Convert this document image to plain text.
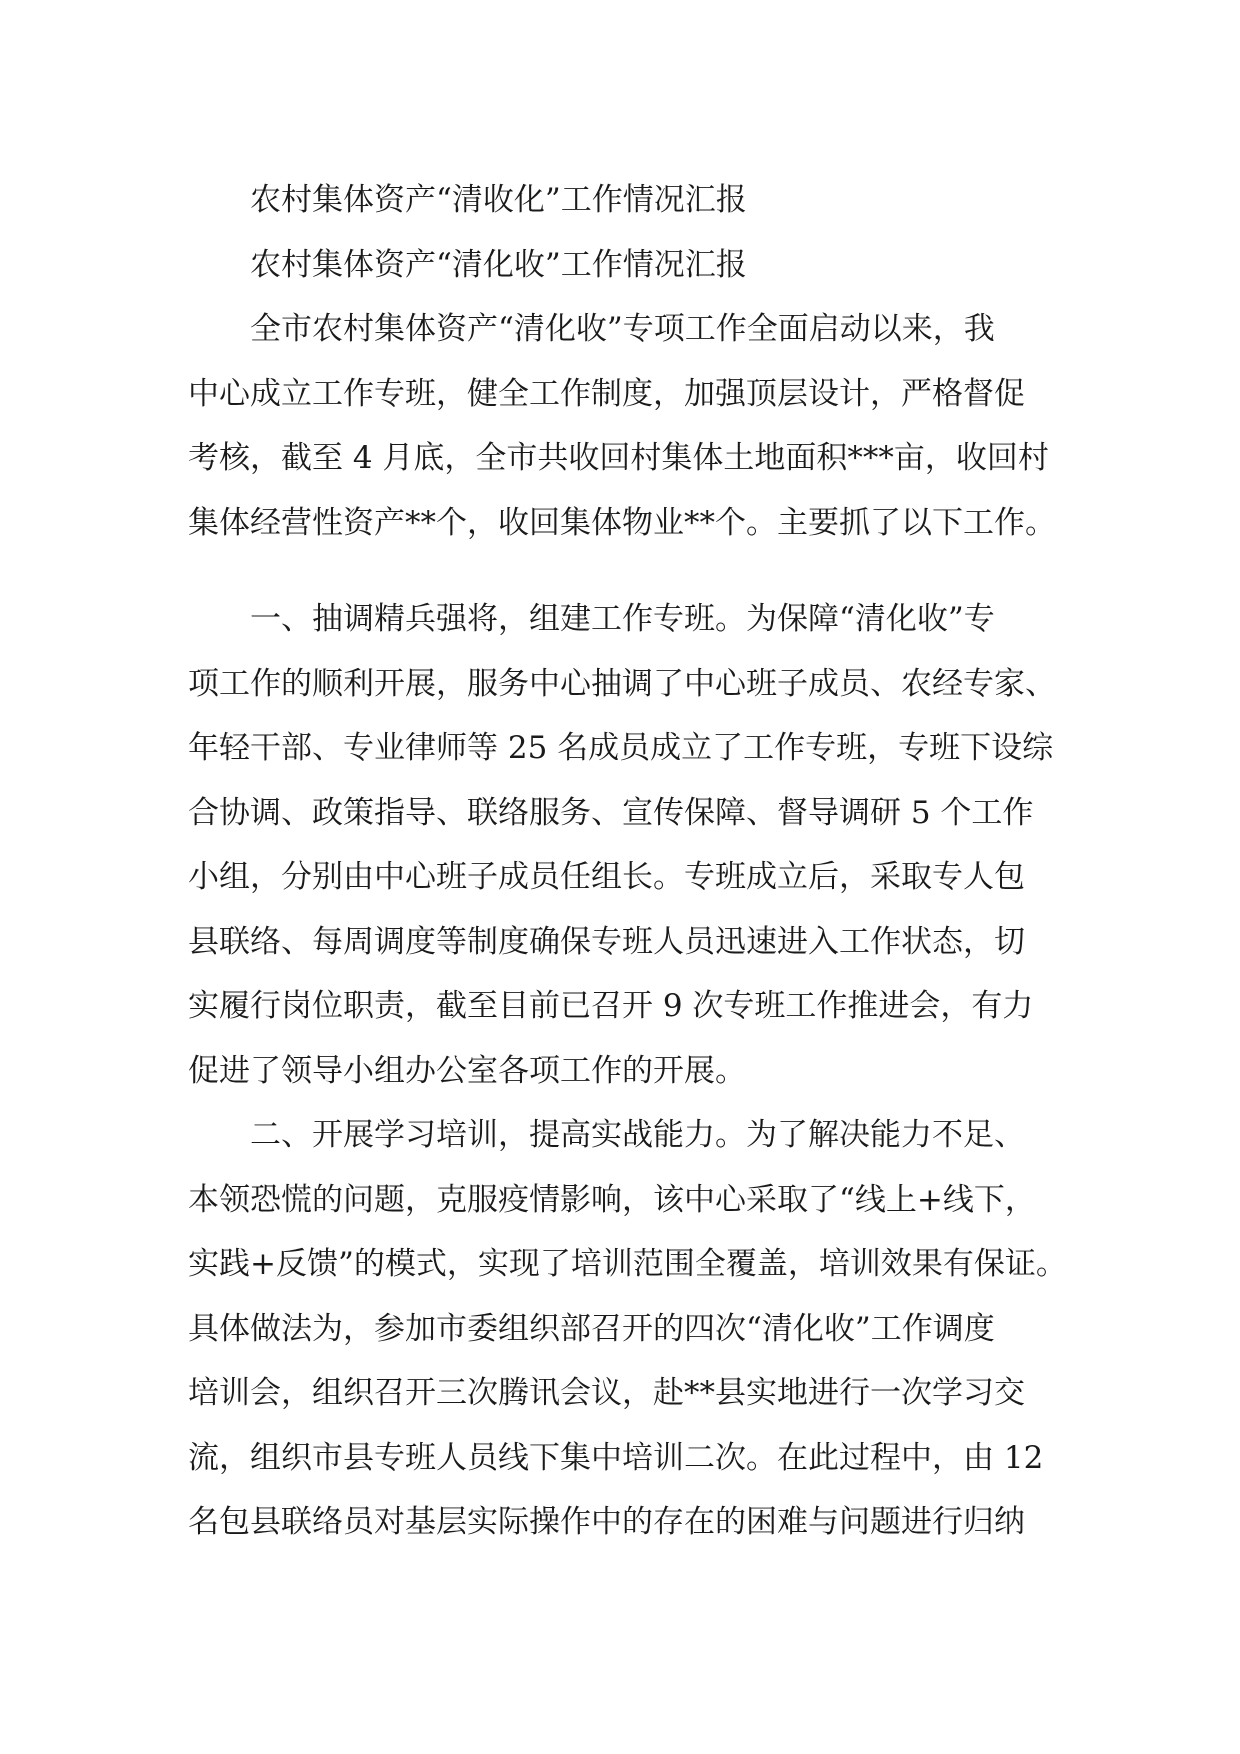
农村集体资产“清收化”工作情况汇报
农村集体资产“清化收”工作情况汇报
全市农村集体资产“清化收”专项工作全面启动以来，我
中心成立工作专班，健全工作制度，加强顶层设计，严格督促
考核，截至 4 月底，全市共收回村集体土地面积***亩，收回村
集体经营性资产**个，收回集体物业**个。主要抓了以下工作。
一、抽调精兵强将，组建工作专班。为保障“清化收”专
项工作的顺利开展，服务中心抽调了中心班子成员、农经专家、
年轻干部、专业律师等 25 名成员成立了工作专班，专班下设综
合协调、政策指导、联络服务、宣传保障、督导调研 5 个工作
小组，分别由中心班子成员任组长。专班成立后，采取专人包
县联络、每周调度等制度确保专班人员迅速进入工作状态，切
实履行岗位职责，截至目前已召开 9 次专班工作推进会，有力
促进了领导小组办公室各项工作的开展。
二、开展学习培训，提高实战能力。为了解决能力不足、
本领恐慌的问题，克服疫情影响，该中心采取了“线上+线下，
实践+反馈”的模式，实现了培训范围全覆盖，培训效果有保证。
具体做法为，参加市委组织部召开的四次“清化收”工作调度
培训会，组织召开三次腾讯会议，赴**县实地进行一次学习交
流，组织市县专班人员线下集中培训二次。在此过程中，由 12
名包县联络员对基层实际操作中的存在的困难与问题进行归纳
